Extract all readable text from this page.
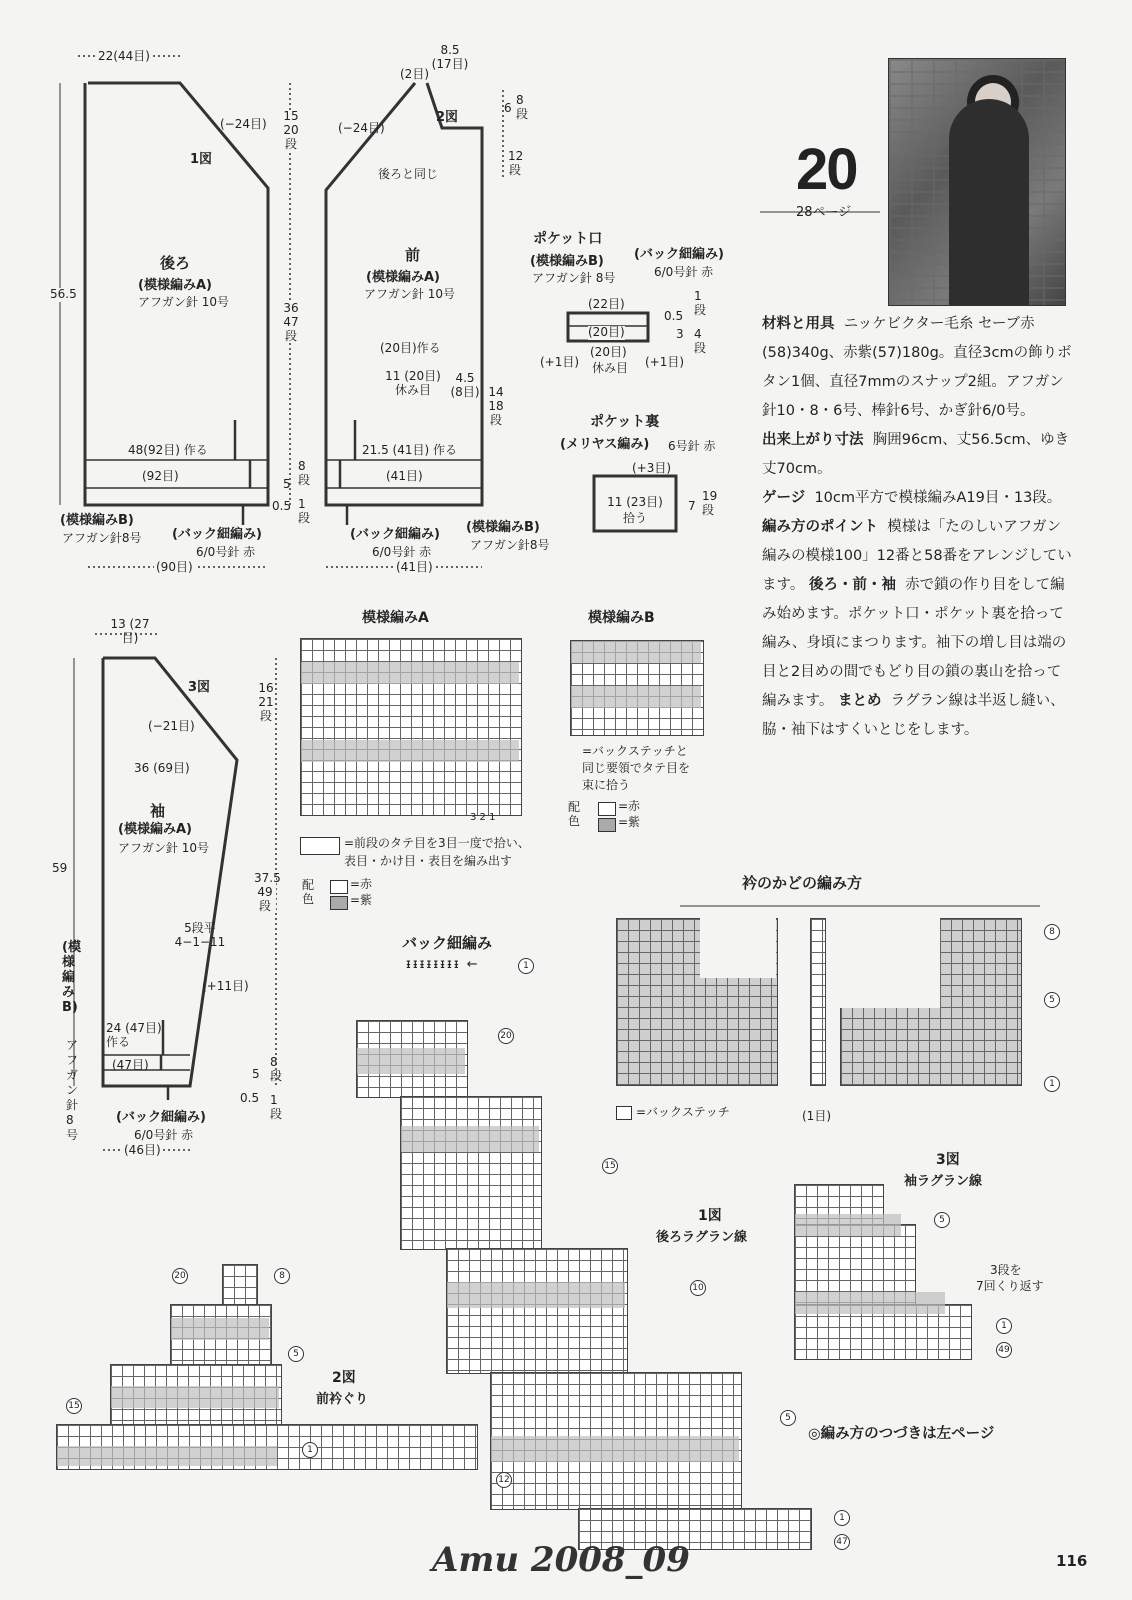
22(44目)
1図
(−24目)
後ろ
(模様編みA)
アフガン針 10号
15 20 段
36 47 段
56.5
48(92目) 作る
(92目)
5
0.5
(模様編みB)
アフガン針8号 (バック細編み)
6/0号針 赤
(90目)
8.5 (17目)
(2目)
2図
(−24目)
後ろと同じ
6
8 段
12 段
前
(模様編みA)
アフガン針 10号
(20目)作る
11 (20目) 休み目
4.5 (8目) 14 18 段
21.5 (41目) 作る
(41目)
8 段
1 段
(バック細編み)
6/0号針 赤
(模様編みB)
アフガン針8号
(41目)
ポケット口
(模様編みB)
アフガン針 8号
(バック細編み)
6/0号針 赤
(22目)
(20目)
(20目)
休み目
(+1目)	(+1目)
1 段
4 段
0.5
3
ポケット裏
(メリヤス編み) 6号針 赤
(+3目)
11 (23目)
拾う
7
19 段
13 (27目)
3図
(−21目)
36 (69目)
16 21 段
袖
(模様編みA)
アフガン針 10号
37.5 49 段
59
5段平 4−1−11
(+11目)
24 (47目) 作る
(47目)
5
0.5
8 段
1 段
(模様編みB)
アフガン針8号
(バック細編み)
6/0号針 赤
(46目)
20
28ページ
材料と用具 ニッケビクター毛糸 セーブ赤(58)340g、赤紫(57)180g。直径3cmの飾りボタン1個、直径7mmのスナップ2組。アフガン針10・8・6号、棒針6号、かぎ針6/0号。
出来上がり寸法 胸囲96cm、丈56.5cm、ゆき丈70cm。
ゲージ 10cm平方で模様編みA19目・13段。
編み方のポイント 模様は「たのしいアフガン編みの模様100」12番と58番をアレンジしています。 後ろ・前・袖 赤で鎖の作り目をして編み始めます。ポケット口・ポケット裏を拾って編み、身頃にまつります。袖下の増し目は端の目と2目めの間でもどり目の鎖の裏山を拾って編みます。 まとめ ラグラン線は半返し縫い、脇・袖下はすくいとじをします。
模様編みA
3 2 1
=前段のタテ目を3目一度で拾い、
表目・かけ目・表目を編み出す
配色
=赤
=紫
模様編みB
=バックステッチと
同じ要領でタテ目を
束に拾う
配色
=赤
=紫
バック細編み
ᵻᵻᵻᵻᵻᵻᵻᵻ ←	1
衿のかどの編み方
8
5
1
=バックステッチ	(1目)
1図
後ろラグラン線
20
15
10
5
1
47
2図
前衿ぐり
20	8
5
15
1
12
3図
袖ラグラン線
5
1
49
3段を
7回くり返す
◎編み方のつづきは左ページ
Amu 2008_09	116
